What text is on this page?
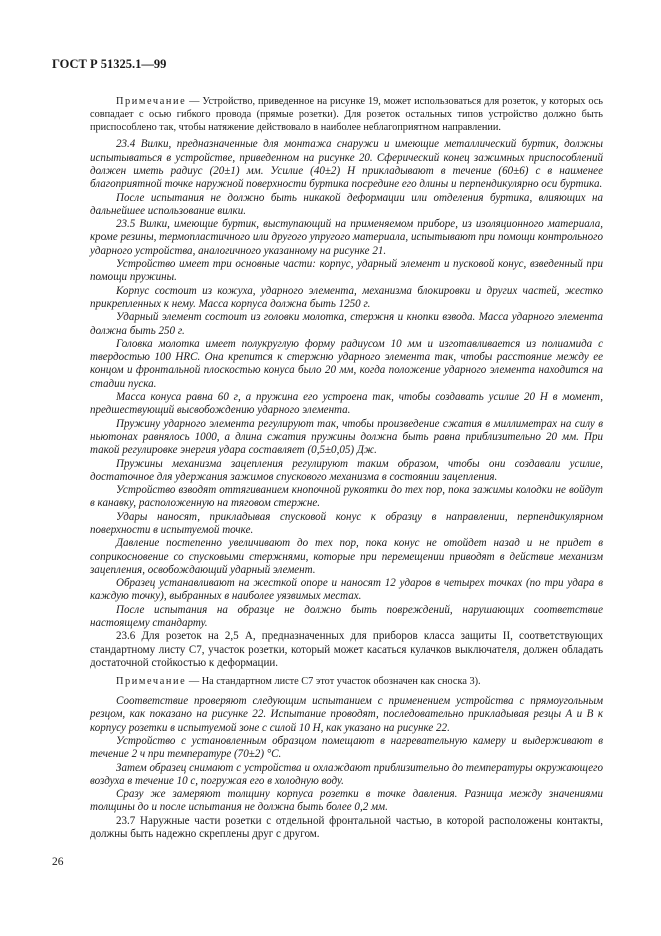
ГОСТ Р 51325.1—99

Примечание — Устройство, приведенное на рисунке 19, может использоваться для розеток, у которых ось совпадает с осью гибкого провода (прямые розетки). Для розеток остальных типов устройство должно быть приспособлено так, чтобы натяжение действовало в наиболее неблагоприятном направлении.

23.4 Вилки, предназначенные для монтажа снаружи и имеющие металлический буртик, должны испытываться в устройстве, приведенном на рисунке 20. Сферический конец зажимных приспособлений должен иметь радиус (20±1) мм. Усилие (40±2) Н прикладывают в течение (60±6) с в наименее благоприятной точке наружной поверхности буртика посредине его длины и перпендикулярно оси буртика.

После испытания не должно быть никакой деформации или отделения буртика, влияющих на дальнейшее использование вилки.

23.5 Вилки, имеющие буртик, выступающий на применяемом приборе, из изоляционного материала, кроме резины, термопластичного или другого упругого материала, испытывают при помощи контрольного ударного устройства, аналогичного указанному на рисунке 21.

Устройство имеет три основные части: корпус, ударный элемент и пусковой конус, взведенный при помощи пружины.

Корпус состоит из кожуха, ударного элемента, механизма блокировки и других частей, жестко прикрепленных к нему. Масса корпуса должна быть 1250 г.

Ударный элемент состоит из головки молотка, стержня и кнопки взвода. Масса ударного элемента должна быть 250 г.

Головка молотка имеет полукруглую форму радиусом 10 мм и изготавливается из полиамида с твердостью 100 HRC. Она крепится к стержню ударного элемента так, чтобы расстояние между ее концом и фронтальной плоскостью конуса было 20 мм, когда положение ударного элемента находится на стадии пуска.

Масса конуса равна 60 г, а пружина его устроена так, чтобы создавать усилие 20 Н в момент, предшествующий высвобождению ударного элемента.

Пружину ударного элемента регулируют так, чтобы произведение сжатия в миллиметрах на силу в ньютонах равнялось 1000, а длина сжатия пружины должна быть равна приблизительно 20 мм. При такой регулировке энергия удара составляет (0,5±0,05) Дж.

Пружины механизма зацепления регулируют таким образом, чтобы они создавали усилие, достаточное для удержания зажимов спускового механизма в состоянии зацепления.

Устройство взводят оттягиванием кнопочной рукоятки до тех пор, пока зажимы колодки не войдут в канавку, расположенную на тяговом стержне.

Удары наносят, прикладывая спусковой конус к образцу в направлении, перпендикулярном поверхности в испытуемой точке.

Давление постепенно увеличивают до тех пор, пока конус не отойдет назад и не придет в соприкосновение со спусковыми стержнями, которые при перемещении приводят в действие механизм зацепления, освобождающий ударный элемент.

Образец устанавливают на жесткой опоре и наносят 12 ударов в четырех точках (по три удара в каждую точку), выбранных в наиболее уязвимых местах.

После испытания на образце не должно быть повреждений, нарушающих соответствие настоящему стандарту.

23.6 Для розеток на 2,5 А, предназначенных для приборов класса защиты II, соответствующих стандартному листу С7, участок розетки, который может касаться кулачков выключателя, должен обладать достаточной стойкостью к деформации.

Примечание — На стандартном листе С7 этот участок обозначен как сноска 3).

Соответствие проверяют следующим испытанием с применением устройства с прямоугольным резцом, как показано на рисунке 22. Испытание проводят, последовательно прикладывая резцы А и В к корпусу розетки в испытуемой зоне с силой 10 Н, как указано на рисунке 22.

Устройство с установленным образцом помещают в нагревательную камеру и выдерживают в течение 2 ч при температуре (70±2) °С.

Затем образец снимают с устройства и охлаждают приблизительно до температуры окружающего воздуха в течение 10 с, погружая его в холодную воду.

Сразу же замеряют толщину корпуса розетки в точке давления. Разница между значениями толщины до и после испытания не должна быть более 0,2 мм.

23.7 Наружные части розетки с отдельной фронтальной частью, в которой расположены контакты, должны быть надежно скреплены друг с другом.

26
